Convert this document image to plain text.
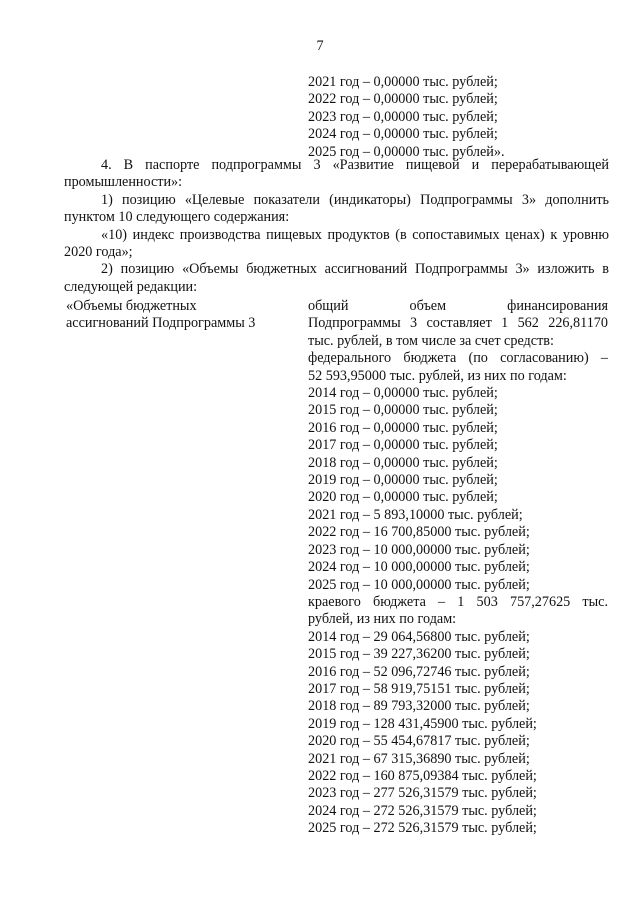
7

2021 год – 0,00000 тыс. рублей;

2022 год – 0,00000 тыс. рублей;

2023 год – 0,00000 тыс. рублей;

2024 год – 0,00000 тыс. рублей;

2025 год – 0,00000 тыс. рублей».

4. В паспорте подпрограммы 3 «Развитие пищевой и перерабатывающей промышленности»:

1) позицию «Целевые показатели (индикаторы) Подпрограммы 3» дополнить пунктом 10 следующего содержания:

«10) индекс производства пищевых продуктов (в сопоставимых ценах) к уровню 2020 года»;

2) позицию «Объемы бюджетных ассигнований Подпрограммы 3» изложить в следующей редакции:

«Объемы бюджетных

ассигнований Подпрограммы 3

общий объем финансирования

Подпрограммы 3 составляет 1 562 226,81170

тыс. рублей, в том числе за счет средств:

федерального бюджета (по согласованию) –

52 593,95000 тыс. рублей, из них по годам:

2014 год – 0,00000 тыс. рублей;

2015 год – 0,00000 тыс. рублей;

2016 год – 0,00000 тыс. рублей;

2017 год – 0,00000 тыс. рублей;

2018 год – 0,00000 тыс. рублей;

2019 год – 0,00000 тыс. рублей;

2020 год – 0,00000 тыс. рублей;

2021 год – 5 893,10000 тыс. рублей;

2022 год – 16 700,85000 тыс. рублей;

2023 год – 10 000,00000 тыс. рублей;

2024 год – 10 000,00000 тыс. рублей;

2025 год – 10 000,00000 тыс. рублей;

краевого бюджета – 1 503 757,27625 тыс.

рублей, из них по годам:

2014 год – 29 064,56800 тыс. рублей;

2015 год – 39 227,36200 тыс. рублей;

2016 год – 52 096,72746 тыс. рублей;

2017 год – 58 919,75151 тыс. рублей;

2018 год – 89 793,32000 тыс. рублей;

2019 год – 128 431,45900 тыс. рублей;

2020 год – 55 454,67817 тыс. рублей;

2021 год – 67 315,36890 тыс. рублей;

2022 год – 160 875,09384 тыс. рублей;

2023 год – 277 526,31579 тыс. рублей;

2024 год – 272 526,31579 тыс. рублей;

2025 год – 272 526,31579 тыс. рублей;
